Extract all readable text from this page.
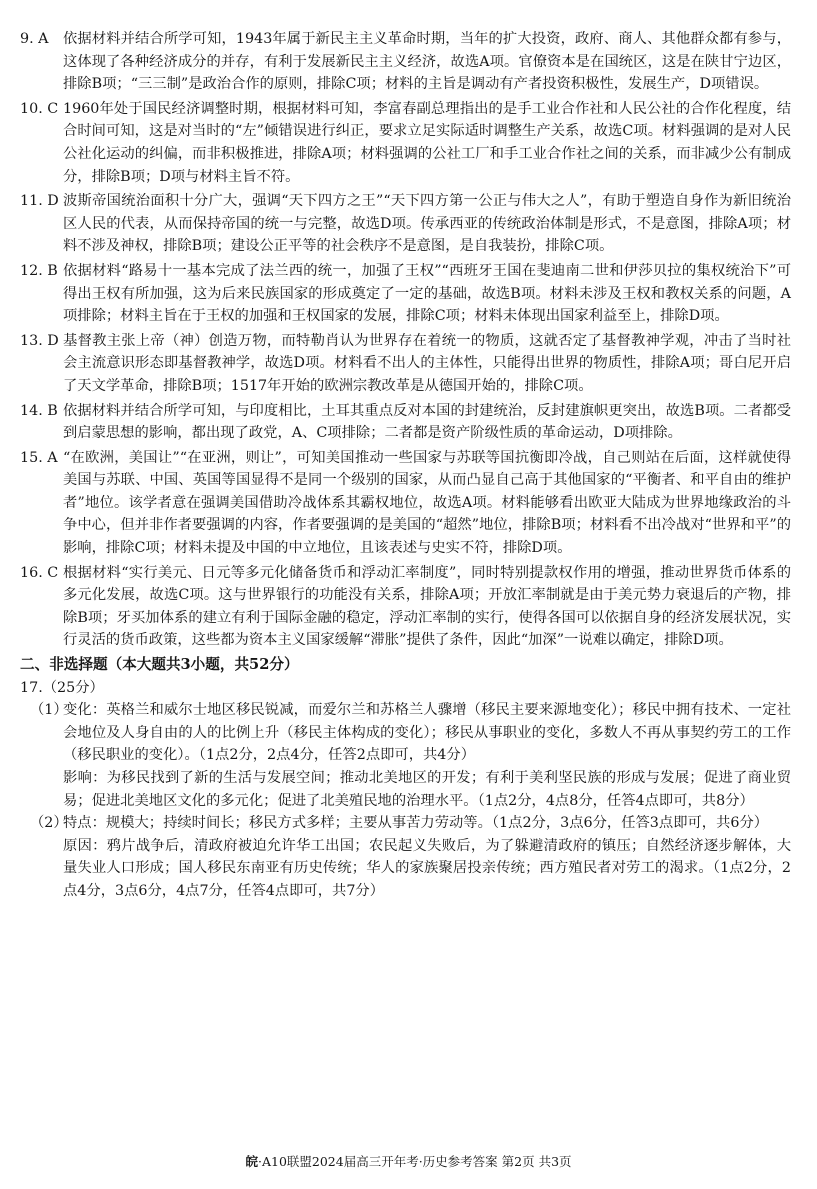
9. A	依据材料并结合所学可知，1943年属于新民主主义革命时期，当年的扩大投资，政府、商人、其他群众都有参与，这体现了各种经济成分的并存，有利于发展新民主主义经济，故选A项。官僚资本是在国统区，这是在陕甘宁边区，排除B项；“三三制”是政治合作的原则，排除C项；材料的主旨是调动有产者投资积极性，发展生产，D项错误。
10. C 1960年处于国民经济调整时期，根据材料可知，李富春副总理指出的是手工业合作社和人民公社的合作化程度，结合时间可知，这是对当时的“左”倾错误进行纠正，要求立足实际适时调整生产关系，故选C项。材料强调的是对人民公社化运动的纠偏，而非积极推进，排除A项；材料强调的公社工厂和手工业合作社之间的关系，而非减少公有制成分，排除B项；D项与材料主旨不符。
11. D 波斯帝国统治面积十分广大，强调“天下四方之王”“天下四方第一公正与伟大之人”，有助于塑造自身作为新旧统治区人民的代表，从而保持帝国的统一与完整，故选D项。传承西亚的传统政治体制是形式，不是意图，排除A项；材料不涉及神权，排除B项；建设公正平等的社会秩序不是意图，是自我装扮，排除C项。
12. B 依据材料“路易十一基本完成了法兰西的统一，加强了王权”“西班牙王国在斐迪南二世和伊莎贝拉的集权统治下”可得出王权有所加强，这为后来民族国家的形成奠定了一定的基础，故选B项。材料未涉及王权和教权关系的问题，A项排除；材料主旨在于王权的加强和王权国家的发展，排除C项；材料未体现出国家利益至上，排除D项。
13. D 基督教主张上帝（神）创造万物，而特勒肖认为世界存在着统一的物质，这就否定了基督教神学观，冲击了当时社会主流意识形态即基督教神学，故选D项。材料看不出人的主体性，只能得出世界的物质性，排除A项；哥白尼开启了天文学革命，排除B项；1517年开始的欧洲宗教改革是从德国开始的，排除C项。
14. B 依据材料并结合所学可知，与印度相比，土耳其重点反对本国的封建统治，反封建旗帜更突出，故选B项。二者都受到启蒙思想的影响，都出现了政党，A、C项排除；二者都是资产阶级性质的革命运动，D项排除。
15. A “在欧洲，美国让”“在亚洲，则让”，可知美国推动一些国家与苏联等国抗衡即冷战，自己则站在后面，这样就使得美国与苏联、中国、英国等国显得不是同一个级别的国家，从而凸显自己高于其他国家的“平衡者、和平自由的维护者”地位。该学者意在强调美国借助冷战体系其霸权地位，故选A项。材料能够看出欧亚大陆成为世界地缘政治的斗争中心，但并非作者要强调的内容，作者要强调的是美国的“超然”地位，排除B项；材料看不出冷战对“世界和平”的影响，排除C项；材料未提及中国的中立地位，且该表述与史实不符，排除D项。
16. C 根据材料“实行美元、日元等多元化储备货币和浮动汇率制度”，同时特别提款权作用的增强，推动世界货币体系的多元化发展，故选C项。这与世界银行的功能没有关系，排除A项；开放汇率制就是由于美元势力衰退后的产物，排除B项；牙买加体系的建立有利于国际金融的稳定，浮动汇率制的实行，使得各国可以依据自身的经济发展状况，实行灵活的货币政策，这些都为资本主义国家缓解“滞胀”提供了条件，因此“加深”一说难以确定，排除D项。
二、非选择题（本大题共3小题，共52分）
17.（25分）
（1）
变化：英格兰和威尔士地区移民锐减，而爱尔兰和苏格兰人骤增（移民主要来源地变化）；移民中拥有技术、一定社会地位及人身自由的人的比例上升（移民主体构成的变化）；移民从事职业的变化，多数人不再从事契约劳工的工作（移民职业的变化）。（1点2分，2点4分，任答2点即可，共4分）
影响：为移民找到了新的生活与发展空间；推动北美地区的开发；有利于美利坚民族的形成与发展；促进了商业贸易；促进北美地区文化的多元化；促进了北美殖民地的治理水平。（1点2分，4点8分，任答4点即可，共8分）
（2）
特点：规模大；持续时间长；移民方式多样；主要从事苦力劳动等。（1点2分，3点6分，任答3点即可，共6分）
原因：鸦片战争后，清政府被迫允许华工出国；农民起义失败后，为了躲避清政府的镇压；自然经济逐步解体，大量失业人口形成；国人移民东南亚有历史传统；华人的家族聚居投亲传统；西方殖民者对劳工的渴求。（1点2分，2点4分，3点6分，4点7分，任答4点即可，共7分）
皖·A10联盟2024届高三开年考·历史参考答案 第2页 共3页
